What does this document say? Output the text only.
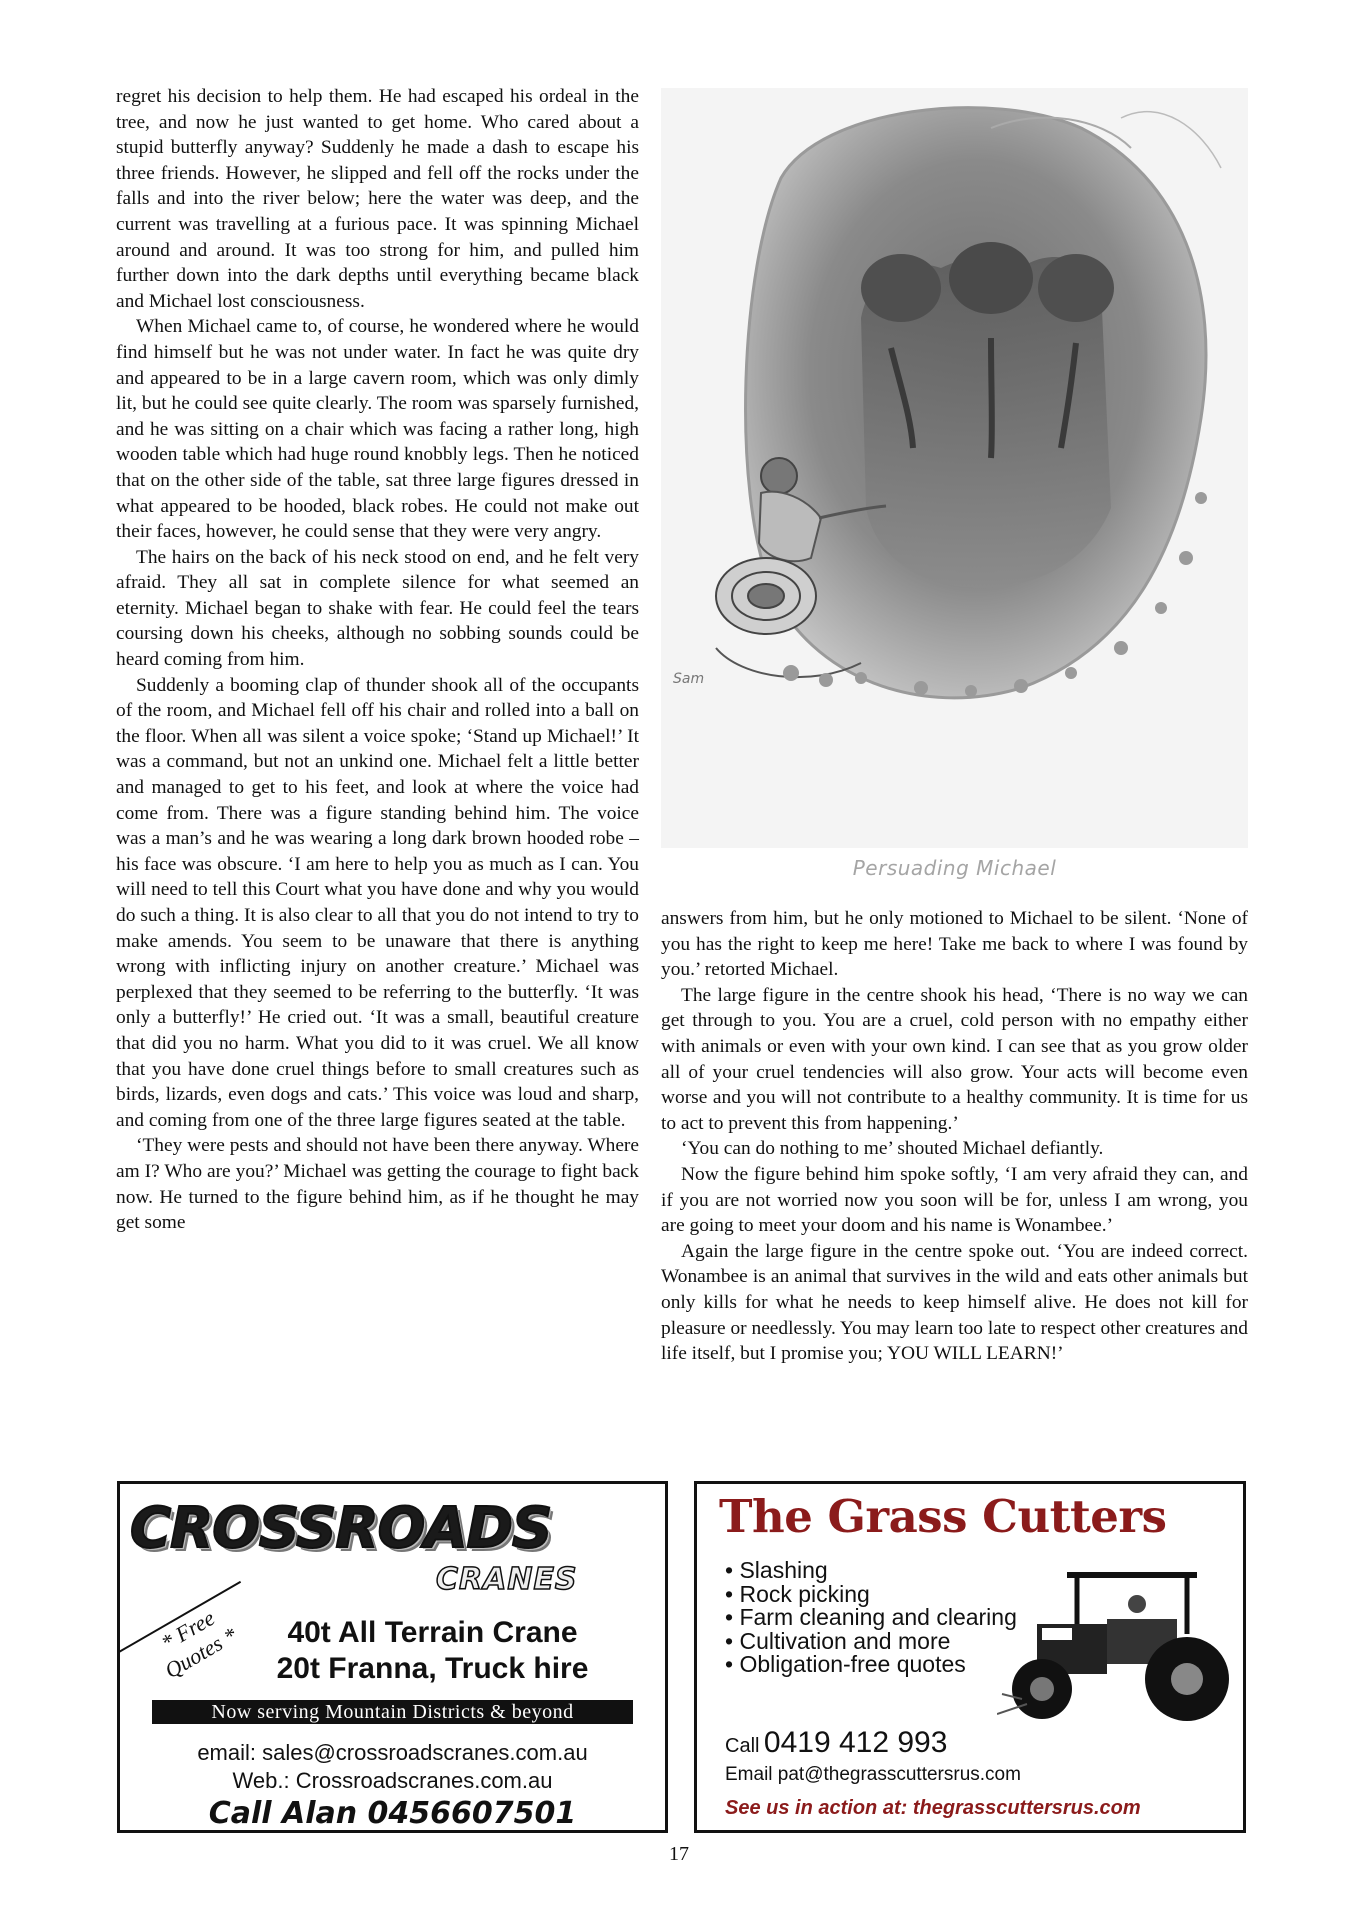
regret his decision to help them. He had escaped his ordeal in the tree, and now he just wanted to get home. Who cared about a stupid butterfly anyway? Suddenly he made a dash to escape his three friends. However, he slipped and fell off the rocks under the falls and into the river below; here the water was deep, and the current was travelling at a furious pace. It was spinning Michael around and around. It was too strong for him, and pulled him further down into the dark depths until everything became black and Michael lost consciousness.

When Michael came to, of course, he wondered where he would find himself but he was not under water. In fact he was quite dry and appeared to be in a large cavern room, which was only dimly lit, but he could see quite clearly. The room was sparsely furnished, and he was sitting on a chair which was facing a rather long, high wooden table which had huge round knobbly legs. Then he noticed that on the other side of the table, sat three large figures dressed in what appeared to be hooded, black robes. He could not make out their faces, however, he could sense that they were very angry.

The hairs on the back of his neck stood on end, and he felt very afraid. They all sat in complete silence for what seemed an eternity. Michael began to shake with fear. He could feel the tears coursing down his cheeks, although no sobbing sounds could be heard coming from him.

Suddenly a booming clap of thunder shook all of the occupants of the room, and Michael fell off his chair and rolled into a ball on the floor. When all was silent a voice spoke; ‘Stand up Michael!’ It was a command, but not an unkind one. Michael felt a little better and managed to get to his feet, and look at where the voice had come from. There was a figure standing behind him. The voice was a man’s and he was wearing a long dark brown hooded robe – his face was obscure. ‘I am here to help you as much as I can. You will need to tell this Court what you have done and why you would do such a thing. It is also clear to all that you do not intend to try to make amends. You seem to be unaware that there is anything wrong with inflicting injury on another creature.’ Michael was perplexed that they seemed to be referring to the butterfly. ‘It was only a butterfly!’ He cried out. ‘It was a small, beautiful creature that did you no harm. What you did to it was cruel. We all know that you have done cruel things before to small creatures such as birds, lizards, even dogs and cats.’ This voice was loud and sharp, and coming from one of the three large figures seated at the table.

‘They were pests and should not have been there anyway. Where am I? Who are you?’ Michael was getting the courage to fight back now. He turned to the figure behind him, as if he thought he may get some

Sam
Persuading Michael

answers from him, but he only motioned to Michael to be silent. ‘None of you has the right to keep me here! Take me back to where I was found by you.’ retorted Michael.

The large figure in the centre shook his head, ‘There is no way we can get through to you. You are a cruel, cold person with no empathy either with animals or even with your own kind. I can see that as you grow older all of your cruel tendencies will also grow. Your acts will become even worse and you will not contribute to a healthy community. It is time for us to act to prevent this from happening.’

‘You can do nothing to me’ shouted Michael defiantly.

Now the figure behind him spoke softly, ‘I am very afraid they can, and if you are not worried now you soon will be for, unless I am wrong, you are going to meet your doom and his name is Wonambee.’

Again the large figure in the centre spoke out. ‘You are indeed correct. Wonambee is an animal that survives in the wild and eats other animals but only kills for what he needs to keep himself alive. He does not kill for pleasure or needlessly. You may learn too late to respect other creatures and life itself, but I promise you; YOU WILL LEARN!’

CROSSROADS
CRANES
* Free Quotes *	40t All Terrain Crane
20t Franna, Truck hire
Now serving Mountain Districts & beyond
email: sales@crossroadscranes.com.au
Web.: Crossroadscranes.com.au
Call Alan 0456607501
The Grass Cutters
• Slashing
• Rock picking
• Farm cleaning and clearing
• Cultivation and more
• Obligation-free quotes
Call 0419 412 993
Email pat@thegrasscuttersrus.com
See us in action at: thegrasscuttersrus.com
17
